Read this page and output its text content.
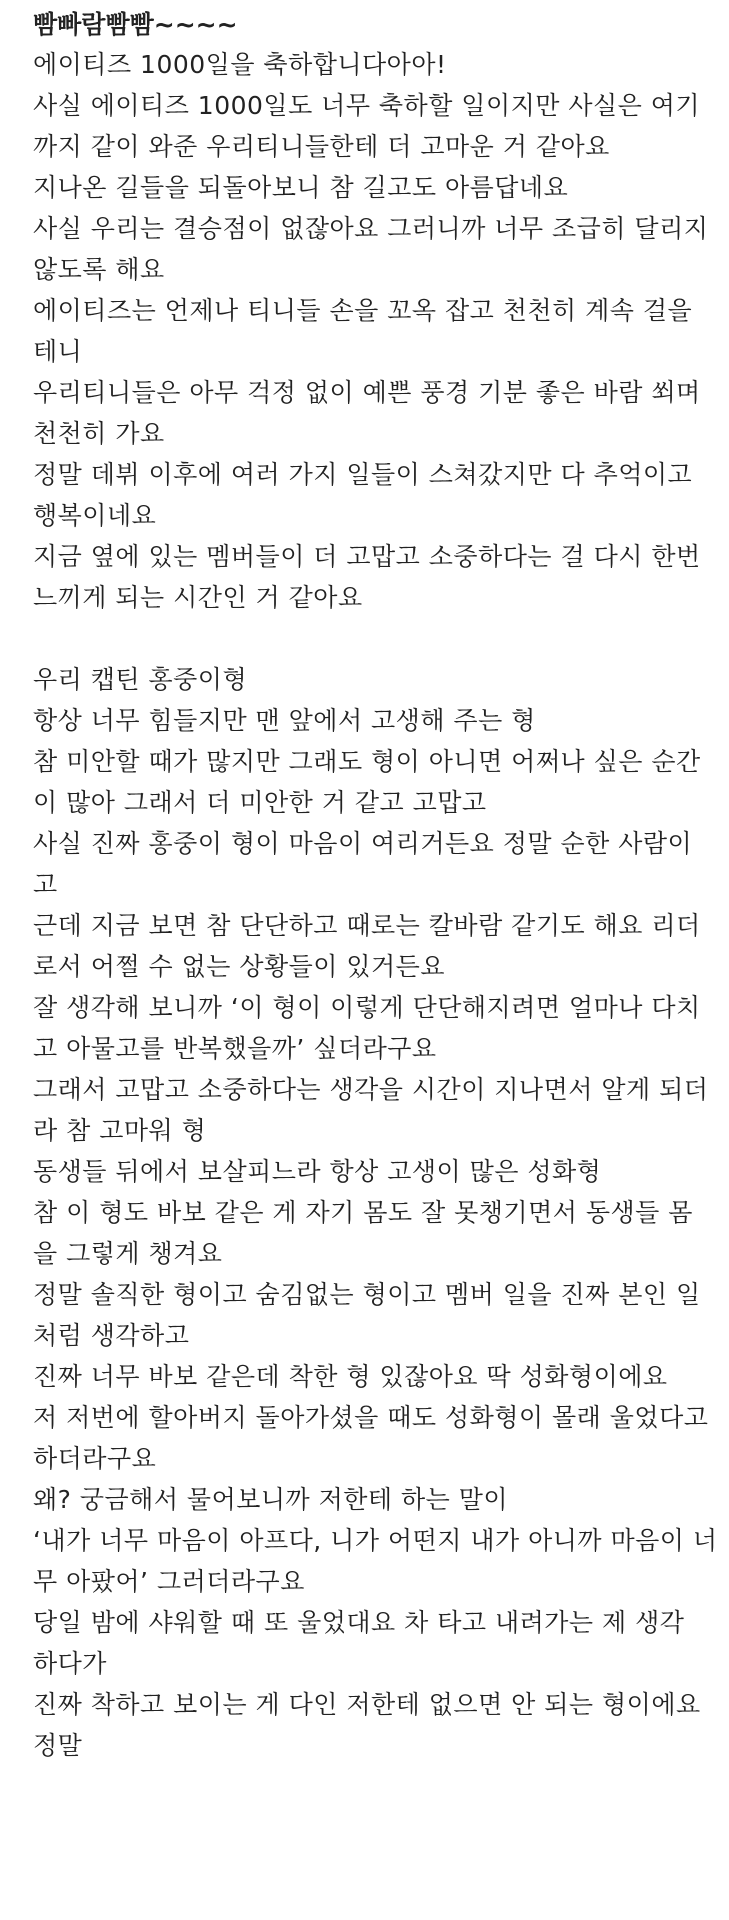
빰빠람빰빰~~~~
에이티즈 1000일을 축하합니다아아!
사실 에이티즈 1000일도 너무 축하할 일이지만 사실은 여기
까지 같이 와준 우리티니들한테 더 고마운 거 같아요
지나온 길들을 되돌아보니 참 길고도 아름답네요
사실 우리는 결승점이 없잖아요 그러니까 너무 조급히 달리지
않도록 해요
에이티즈는 언제나 티니들 손을 꼬옥 잡고 천천히 계속 걸을
테니
우리티니들은 아무 걱정 없이 예쁜 풍경 기분 좋은 바람 쐬며
천천히 가요
정말 데뷔 이후에 여러 가지 일들이 스쳐갔지만 다 추억이고
행복이네요
지금 옆에 있는 멤버들이 더 고맙고 소중하다는 걸 다시 한번
느끼게 되는 시간인 거 같아요
우리 캡틴 홍중이형
항상 너무 힘들지만 맨 앞에서 고생해 주는 형
참 미안할 때가 많지만 그래도 형이 아니면 어쩌나 싶은 순간
이 많아 그래서 더 미안한 거 같고 고맙고
사실 진짜 홍중이 형이 마음이 여리거든요 정말 순한 사람이
고
근데 지금 보면 참 단단하고 때로는 칼바람 같기도 해요 리더
로서 어쩔 수 없는 상황들이 있거든요
잘 생각해 보니까 ‘이 형이 이렇게 단단해지려면 얼마나 다치
고 아물고를 반복했을까’ 싶더라구요
그래서 고맙고 소중하다는 생각을 시간이 지나면서 알게 되더
라 참 고마워 형
동생들 뒤에서 보살피느라 항상 고생이 많은 성화형
참 이 형도 바보 같은 게 자기 몸도 잘 못챙기면서 동생들 몸
을 그렇게 챙겨요
정말 솔직한 형이고 숨김없는 형이고 멤버 일을 진짜 본인 일
처럼 생각하고
진짜 너무 바보 같은데 착한 형 있잖아요 딱 성화형이에요
저 저번에 할아버지 돌아가셨을 때도 성화형이 몰래 울었다고
하더라구요
왜? 궁금해서 물어보니까 저한테 하는 말이
‘내가 너무 마음이 아프다, 니가 어떤지 내가 아니까 마음이 너
무 아팠어’ 그러더라구요
당일 밤에 샤워할 때 또 울었대요 차 타고 내려가는 제 생각
하다가
진짜 착하고 보이는 게 다인 저한테 없으면 안 되는 형이에요
정말
